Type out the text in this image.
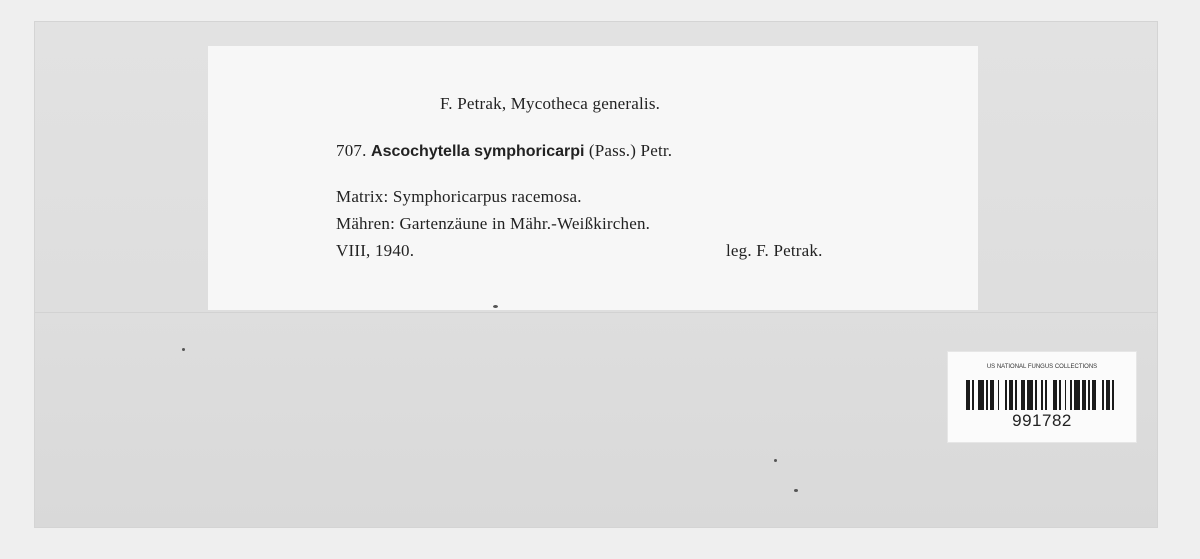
F. Petrak, Mycotheca generalis.
707. Ascochytella symphoricarpi (Pass.) Petr.
Matrix: Symphoricarpus racemosa.
Mähren: Gartenzäune in Mähr.-Weißkirchen.
VIII, 1940.	leg. F. Petrak.
US NATIONAL FUNGUS COLLECTIONS
991782
